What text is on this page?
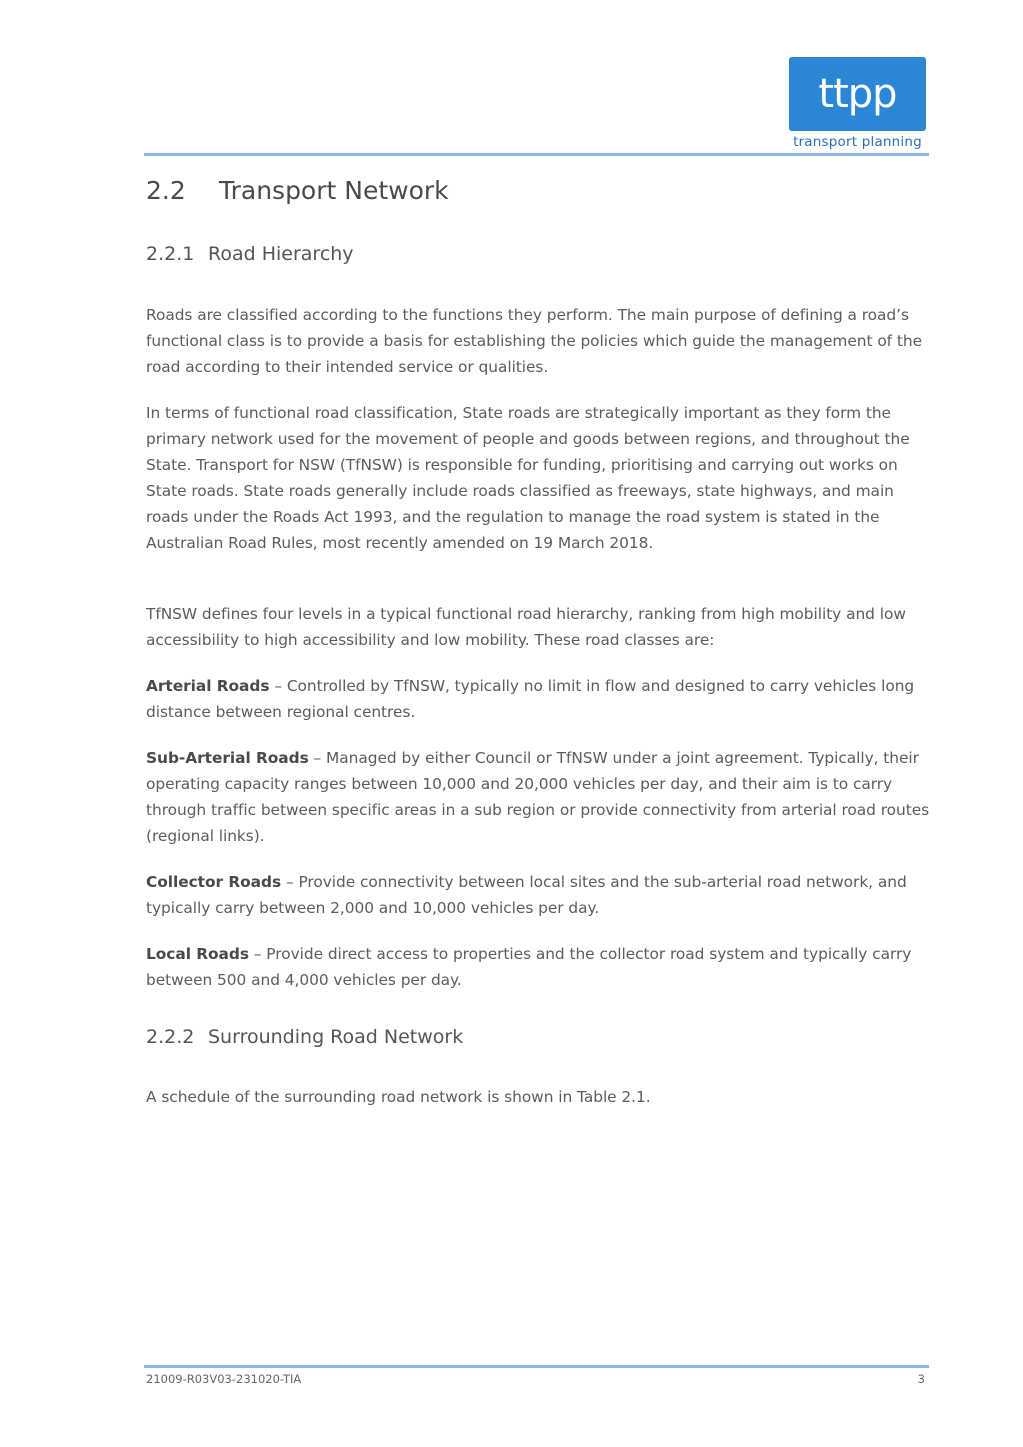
ttpp
transport planning
2.2 Transport Network
2.2.1 Road Hierarchy

Roads are classified according to the functions they perform. The main purpose of defining a road’s functional class is to provide a basis for establishing the policies which guide the management of the road according to their intended service or qualities.

In terms of functional road classification, State roads are strategically important as they form the primary network used for the movement of people and goods between regions, and throughout the State. Transport for NSW (TfNSW) is responsible for funding, prioritising and carrying out works on State roads. State roads generally include roads classified as freeways, state highways, and main roads under the Roads Act 1993, and the regulation to manage the road system is stated in the Australian Road Rules, most recently amended on 19 March 2018.

TfNSW defines four levels in a typical functional road hierarchy, ranking from high mobility and low accessibility to high accessibility and low mobility. These road classes are:

Arterial Roads – Controlled by TfNSW, typically no limit in flow and designed to carry vehicles long distance between regional centres.

Sub-Arterial Roads – Managed by either Council or TfNSW under a joint agreement. Typically, their operating capacity ranges between 10,000 and 20,000 vehicles per day, and their aim is to carry through traffic between specific areas in a sub region or provide connectivity from arterial road routes (regional links).

Collector Roads – Provide connectivity between local sites and the sub-arterial road network, and typically carry between 2,000 and 10,000 vehicles per day.

Local Roads – Provide direct access to properties and the collector road system and typically carry between 500 and 4,000 vehicles per day.

2.2.2 Surrounding Road Network

A schedule of the surrounding road network is shown in Table 2.1.

21009-R03V03-231020-TIA	3
